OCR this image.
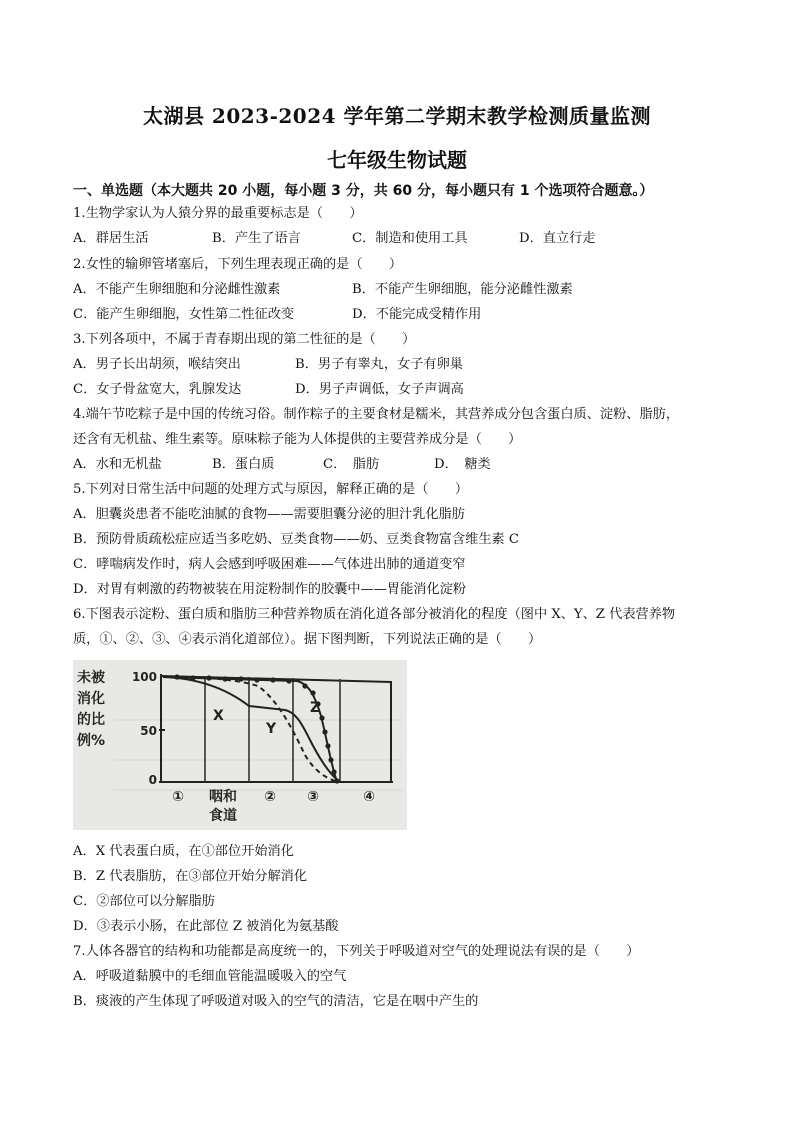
太湖县 2023-2024 学年第二学期末教学检测质量监测
七年级生物试题
一、单选题（本大题共 20 小题，每小题 3 分，共 60 分，每小题只有 1 个选项符合题意。）
1.生物学家认为人猿分界的最重要标志是（　　）
A．群居生活	B．产生了语言	C．制造和使用工具	D．直立行走
2.女性的输卵管堵塞后，下列生理表现正确的是（　　）
A．不能产生卵细胞和分泌雌性激素	B．不能产生卵细胞，能分泌雌性激素
C．能产生卵细胞，女性第二性征改变	D．不能完成受精作用
3.下列各项中，不属于青春期出现的第二性征的是（　　）
A．男子长出胡须，喉结突出	B．男子有睾丸，女子有卵巢
C．女子骨盆宽大，乳腺发达	D．男子声调低，女子声调高
4.端午节吃粽子是中国的传统习俗。制作粽子的主要食材是糯米，其营养成分包含蛋白质、淀粉、脂肪，
还含有无机盐、维生素等。原味粽子能为人体提供的主要营养成分是（　　）
A．水和无机盐	B．蛋白质	C．　脂肪	D．　糖类
5.下列对日常生活中问题的处理方式与原因，解释正确的是（　　）
A．胆囊炎患者不能吃油腻的食物——需要胆囊分泌的胆汁乳化脂肪
B．预防骨质疏松症应适当多吃奶、豆类食物——奶、豆类食物富含维生素 C
C．哮喘病发作时，病人会感到呼吸困难——气体进出肺的通道变窄
D．对胃有刺激的药物被装在用淀粉制作的胶囊中——胃能消化淀粉
6.下图表示淀粉、蛋白质和脂肪三种营养物质在消化道各部分被消化的程度（图中 X、Y、Z 代表营养物
质，①、②、③、④表示消化道部位）。据下图判断，下列说法正确的是（　　）
未被
消化
的比
例%
100
50
0
X
Y
Z
① 咽和
食道
② ③	④
A．X 代表蛋白质，在①部位开始消化
B．Z 代表脂肪，在③部位开始分解消化
C．②部位可以分解脂肪
D．③表示小肠，在此部位 Z 被消化为氨基酸
7.人体各器官的结构和功能都是高度统一的，下列关于呼吸道对空气的处理说法有误的是（　　）
A．呼吸道黏膜中的毛细血管能温暖吸入的空气
B．痰液的产生体现了呼吸道对吸入的空气的清洁，它是在咽中产生的
